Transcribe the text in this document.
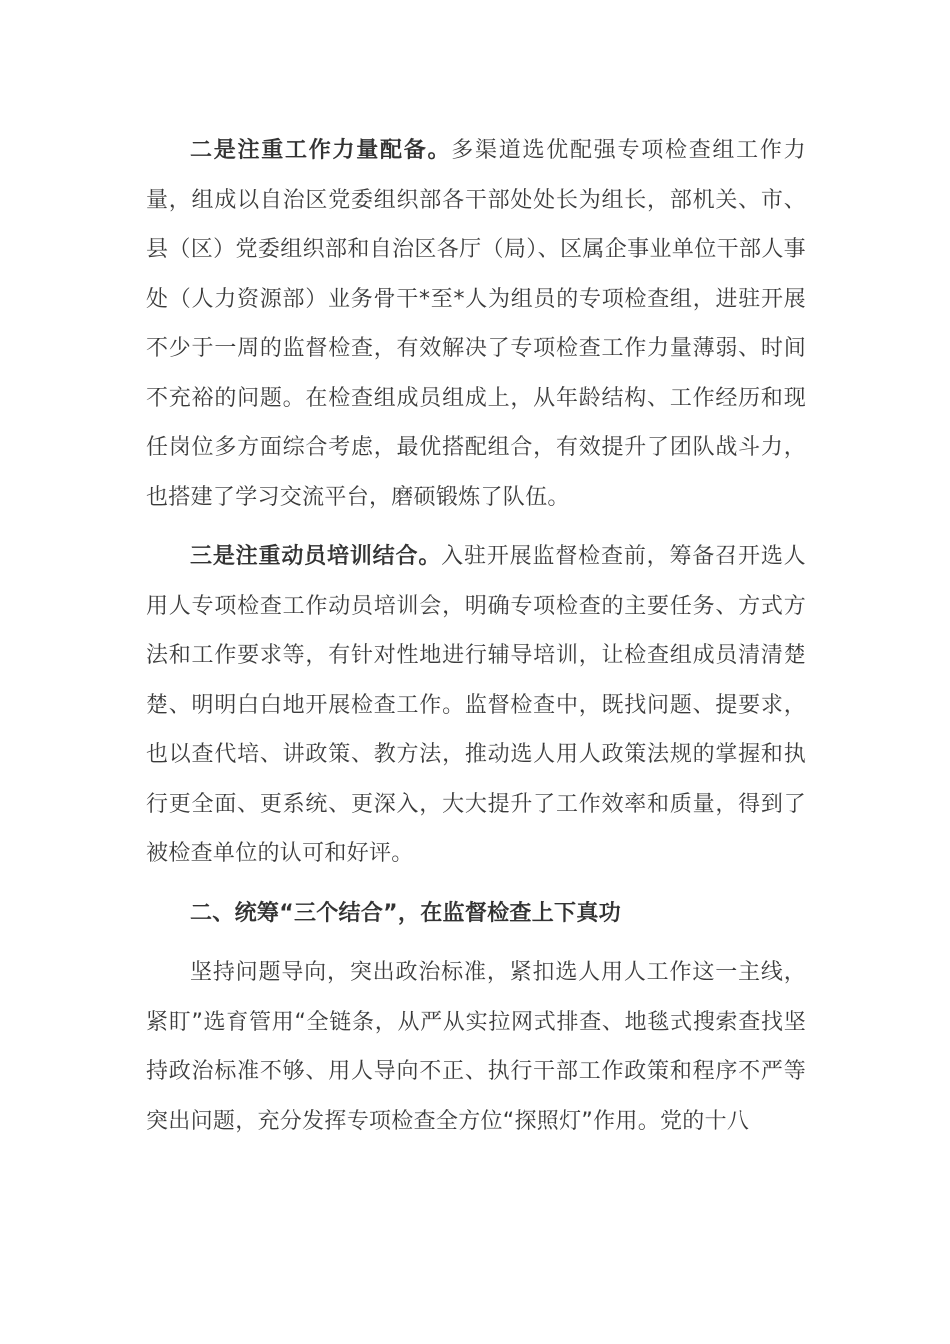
二是注重工作力量配备。多渠道选优配强专项检查组工作力量，组成以自治区党委组织部各干部处处长为组长，部机关、市、县（区）党委组织部和自治区各厅（局）、区属企事业单位干部人事处（人力资源部）业务骨干*至*人为组员的专项检查组，进驻开展不少于一周的监督检查，有效解决了专项检查工作力量薄弱、时间不充裕的问题。在检查组成员组成上，从年龄结构、工作经历和现任岗位多方面综合考虑，最优搭配组合，有效提升了团队战斗力，也搭建了学习交流平台，磨硕锻炼了队伍。

三是注重动员培训结合。入驻开展监督检查前，筹备召开选人用人专项检查工作动员培训会，明确专项检查的主要任务、方式方法和工作要求等，有针对性地进行辅导培训，让检查组成员清清楚楚、明明白白地开展检查工作。监督检查中，既找问题、提要求，也以查代培、讲政策、教方法，推动选人用人政策法规的掌握和执行更全面、更系统、更深入，大大提升了工作效率和质量，得到了被检查单位的认可和好评。

二、统筹“三个结合”，在监督检查上下真功

坚持问题导向，突出政治标准，紧扣选人用人工作这一主线，紧盯”选育管用“全链条，从严从实拉网式排查、地毯式搜索查找坚持政治标准不够、用人导向不正、执行干部工作政策和程序不严等突出问题，充分发挥专项检查全方位“探照灯”作用。党的十八
